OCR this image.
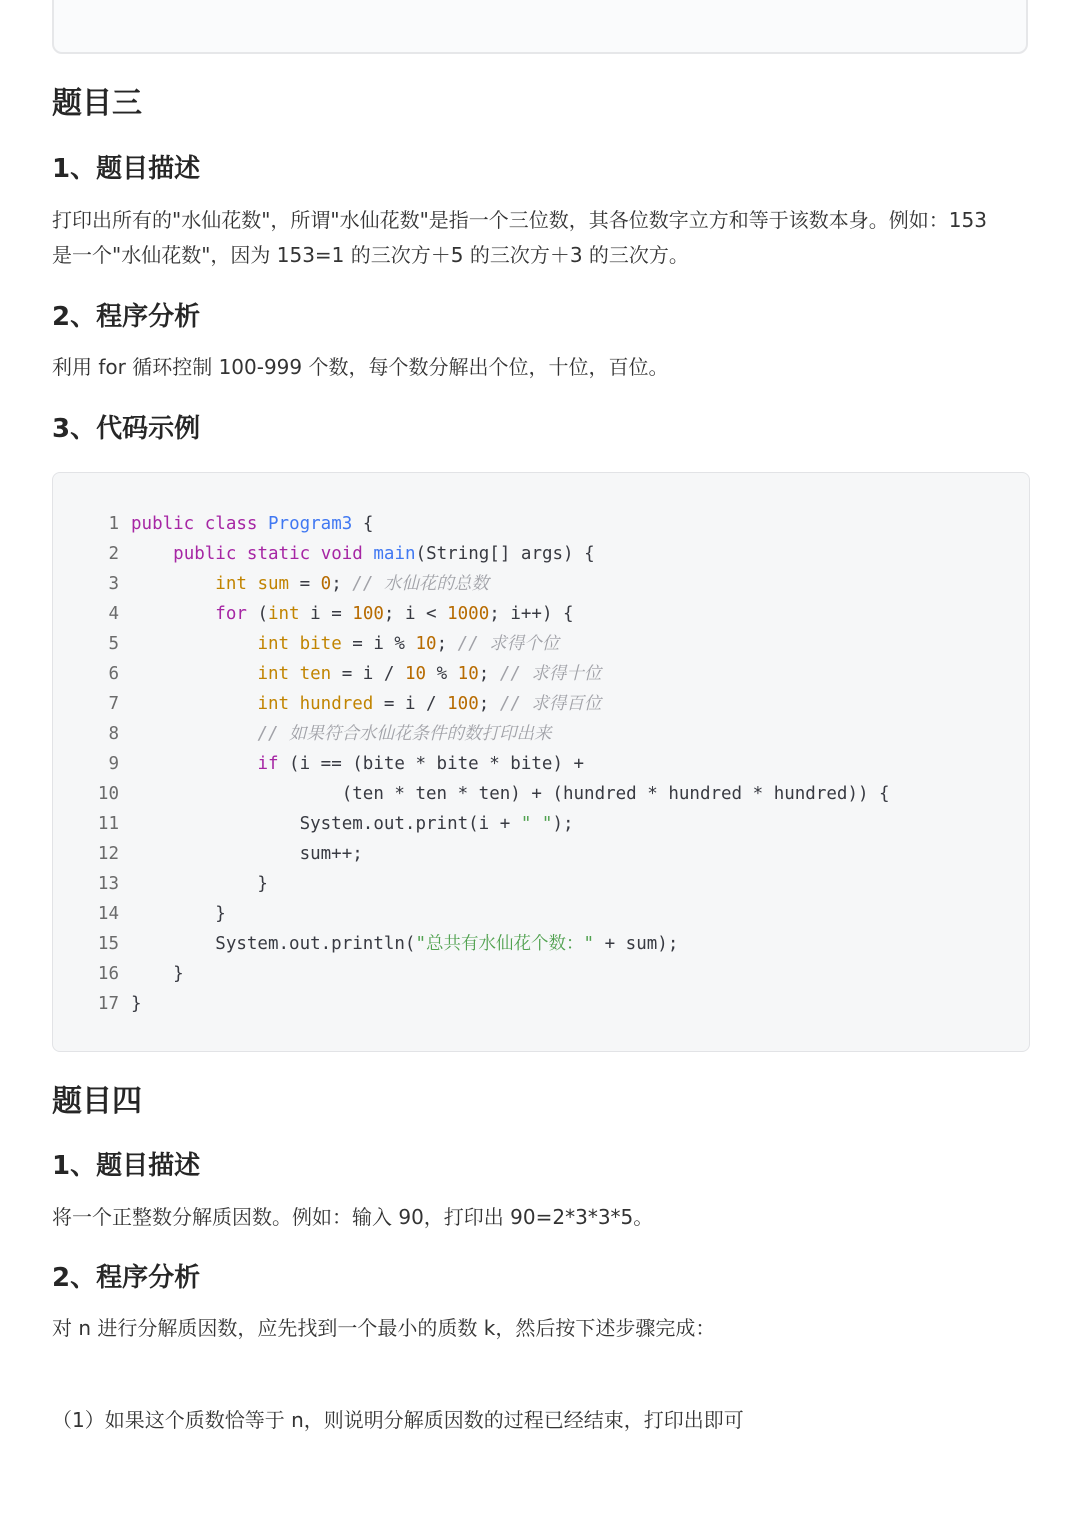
题目三
1、题目描述

打印出所有的"水仙花数"，所谓"水仙花数"是指一个三位数，其各位数字立方和等于该数本身。例如：153 是一个"水仙花数"，因为 153=1 的三次方＋5 的三次方＋3 的三次方。

2、程序分析

利用 for 循环控制 100-999 个数，每个数分解出个位，十位，百位。

3、代码示例
1 public class Program3 {
2	public static void main(String[] args) {
3	int sum = 0; // 水仙花的总数
4	for (int i = 100; i < 1000; i++) {
5	int bite = i % 10; // 求得个位
6	int ten = i / 10 % 10; // 求得十位
7	int hundred = i / 100; // 求得百位
8	// 如果符合水仙花条件的数打印出来
9	if (i == (bite * bite * bite) +
10 (ten * ten * ten) + (hundred * hundred * hundred)) {
11 System.out.print(i + " ");
12 sum++;
13 }
14 }
15 System.out.println("总共有水仙花个数：" + sum);
16 }
17 }
题目四
1、题目描述

将一个正整数分解质因数。例如：输入 90，打印出 90=2*3*3*5。

2、程序分析

对 n 进行分解质因数，应先找到一个最小的质数 k，然后按下述步骤完成：

（1）如果这个质数恰等于 n，则说明分解质因数的过程已经结束，打印出即可
